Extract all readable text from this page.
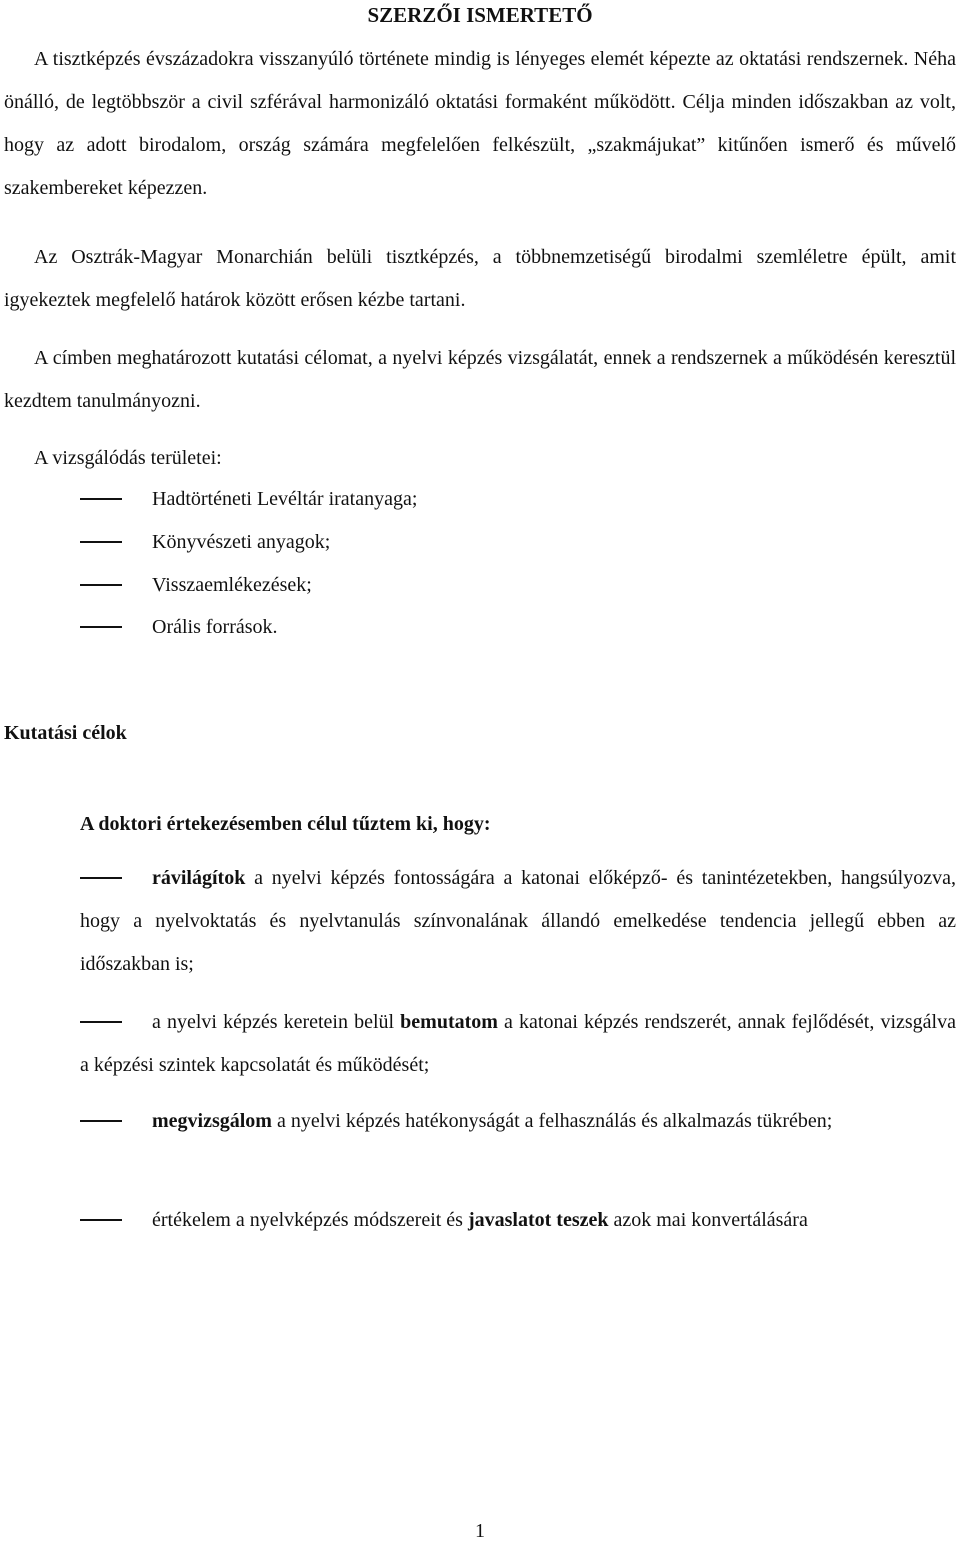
SZERZŐI ISMERTETŐ

A tisztképzés évszázadokra visszanyúló története mindig is lényeges elemét képezte az oktatási rendszernek. Néha önálló, de legtöbbször a civil szférával harmonizáló oktatási formaként működött. Célja minden időszakban az volt, hogy az adott birodalom, ország számára megfelelően felkészült, „szakmájukat” kitűnően ismerő és művelő szakembereket képezzen.

Az Osztrák-Magyar Monarchián belüli tisztképzés, a többnemzetiségű birodalmi szemléletre épült, amit igyekeztek megfelelő határok között erősen kézbe tartani.

A címben meghatározott kutatási célomat, a nyelvi képzés vizsgálatát, ennek a rendszernek a működésén keresztül kezdtem tanulmányozni.

A vizsgálódás területei:

Hadtörténeti Levéltár iratanyaga;
Könyvészeti anyagok;
Visszaemlékezések;
Orális források.
Kutatási célok
A doktori értekezésemben célul tűztem ki, hogy:

rávilágítok a nyelvi képzés fontosságára a katonai előképző- és tanintézetekben, hangsúlyozva, hogy a nyelvoktatás és nyelvtanulás színvonalának állandó emelkedése tendencia jellegű ebben az időszakban is;

a nyelvi képzés keretein belül bemutatom a katonai képzés rendszerét, annak fejlődését, vizsgálva a képzési szintek kapcsolatát és működését;

megvizsgálom a nyelvi képzés hatékonyságát a felhasználás és alkalmazás tükrében;

értékelem a nyelvképzés módszereit és javaslatot teszek azok mai konvertálására

1
